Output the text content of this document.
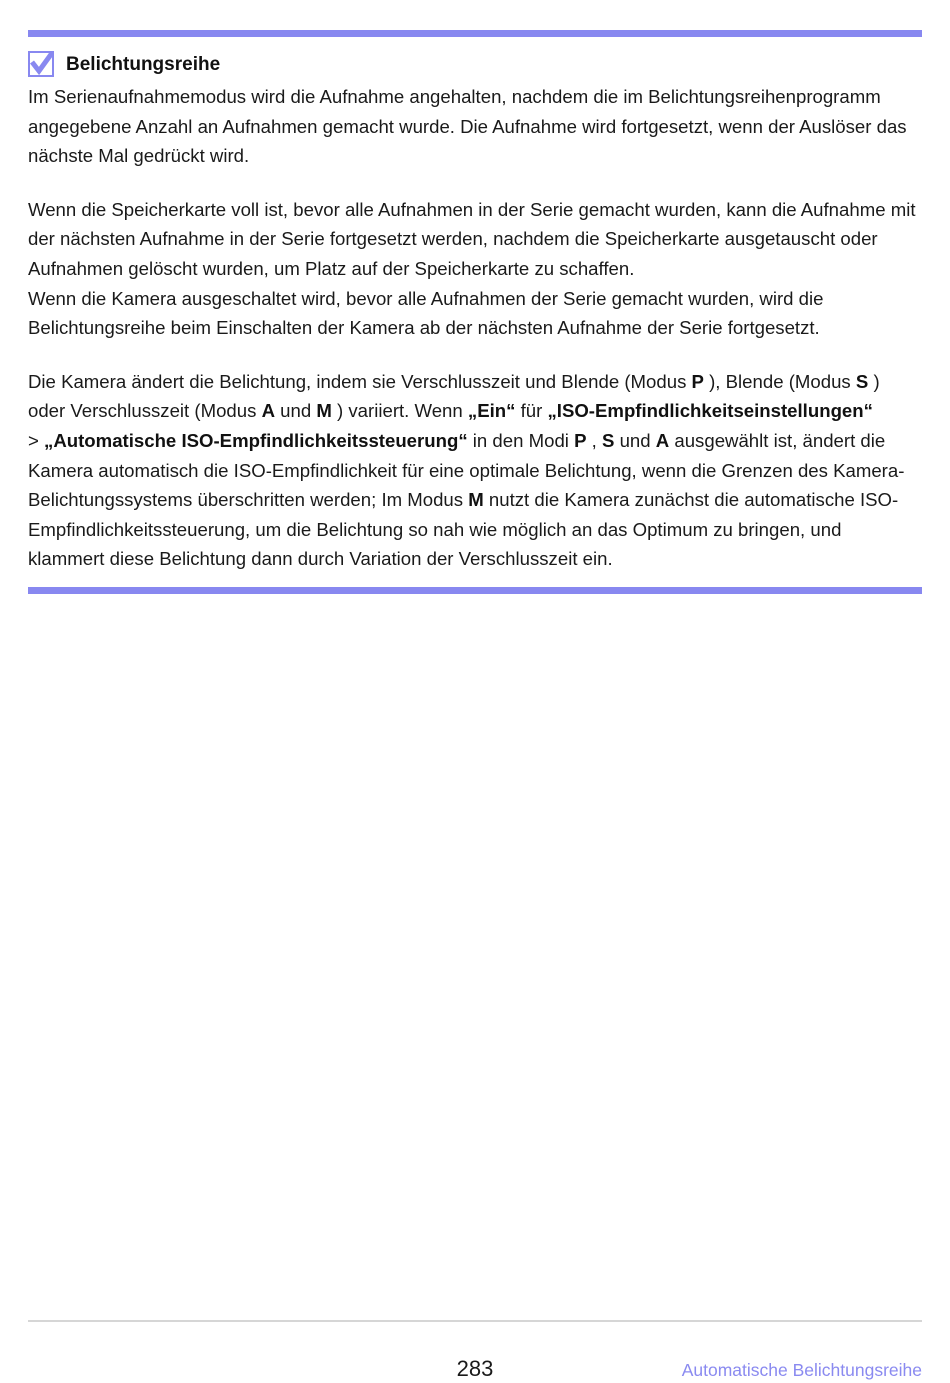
Belichtungsreihe

Im Serienaufnahmemodus wird die Aufnahme angehalten, nachdem die im Belichtungsreihenprogramm angegebene Anzahl an Aufnahmen gemacht wurde. Die Aufnahme wird fortgesetzt, wenn der Auslöser das nächste Mal gedrückt wird.

Wenn die Speicherkarte voll ist, bevor alle Aufnahmen in der Serie gemacht wurden, kann die Aufnahme mit der nächsten Aufnahme in der Serie fortgesetzt werden, nachdem die Speicherkarte ausgetauscht oder Aufnahmen gelöscht wurden, um Platz auf der Speicherkarte zu schaffen.
Wenn die Kamera ausgeschaltet wird, bevor alle Aufnahmen der Serie gemacht wurden, wird die Belichtungsreihe beim Einschalten der Kamera ab der nächsten Aufnahme der Serie fortgesetzt.

Die Kamera ändert die Belichtung, indem sie Verschlusszeit und Blende (Modus P ), Blende (Modus S ) oder Verschlusszeit (Modus A und M ) variiert. Wenn „Ein“ für „ISO-Empfindlichkeitseinstellungen“
> „Automatische ISO-Empfindlichkeitssteuerung“ in den Modi P , S und A ausgewählt ist, ändert die Kamera automatisch die ISO-Empfindlichkeit für eine optimale Belichtung, wenn die Grenzen des Kamera-Belichtungssystems überschritten werden; Im Modus M nutzt die Kamera zunächst die automatische ISO-Empfindlichkeitssteuerung, um die Belichtung so nah wie möglich an das Optimum zu bringen, und klammert diese Belichtung dann durch Variation der Verschlusszeit ein.

283	Automatische Belichtungsreihe
